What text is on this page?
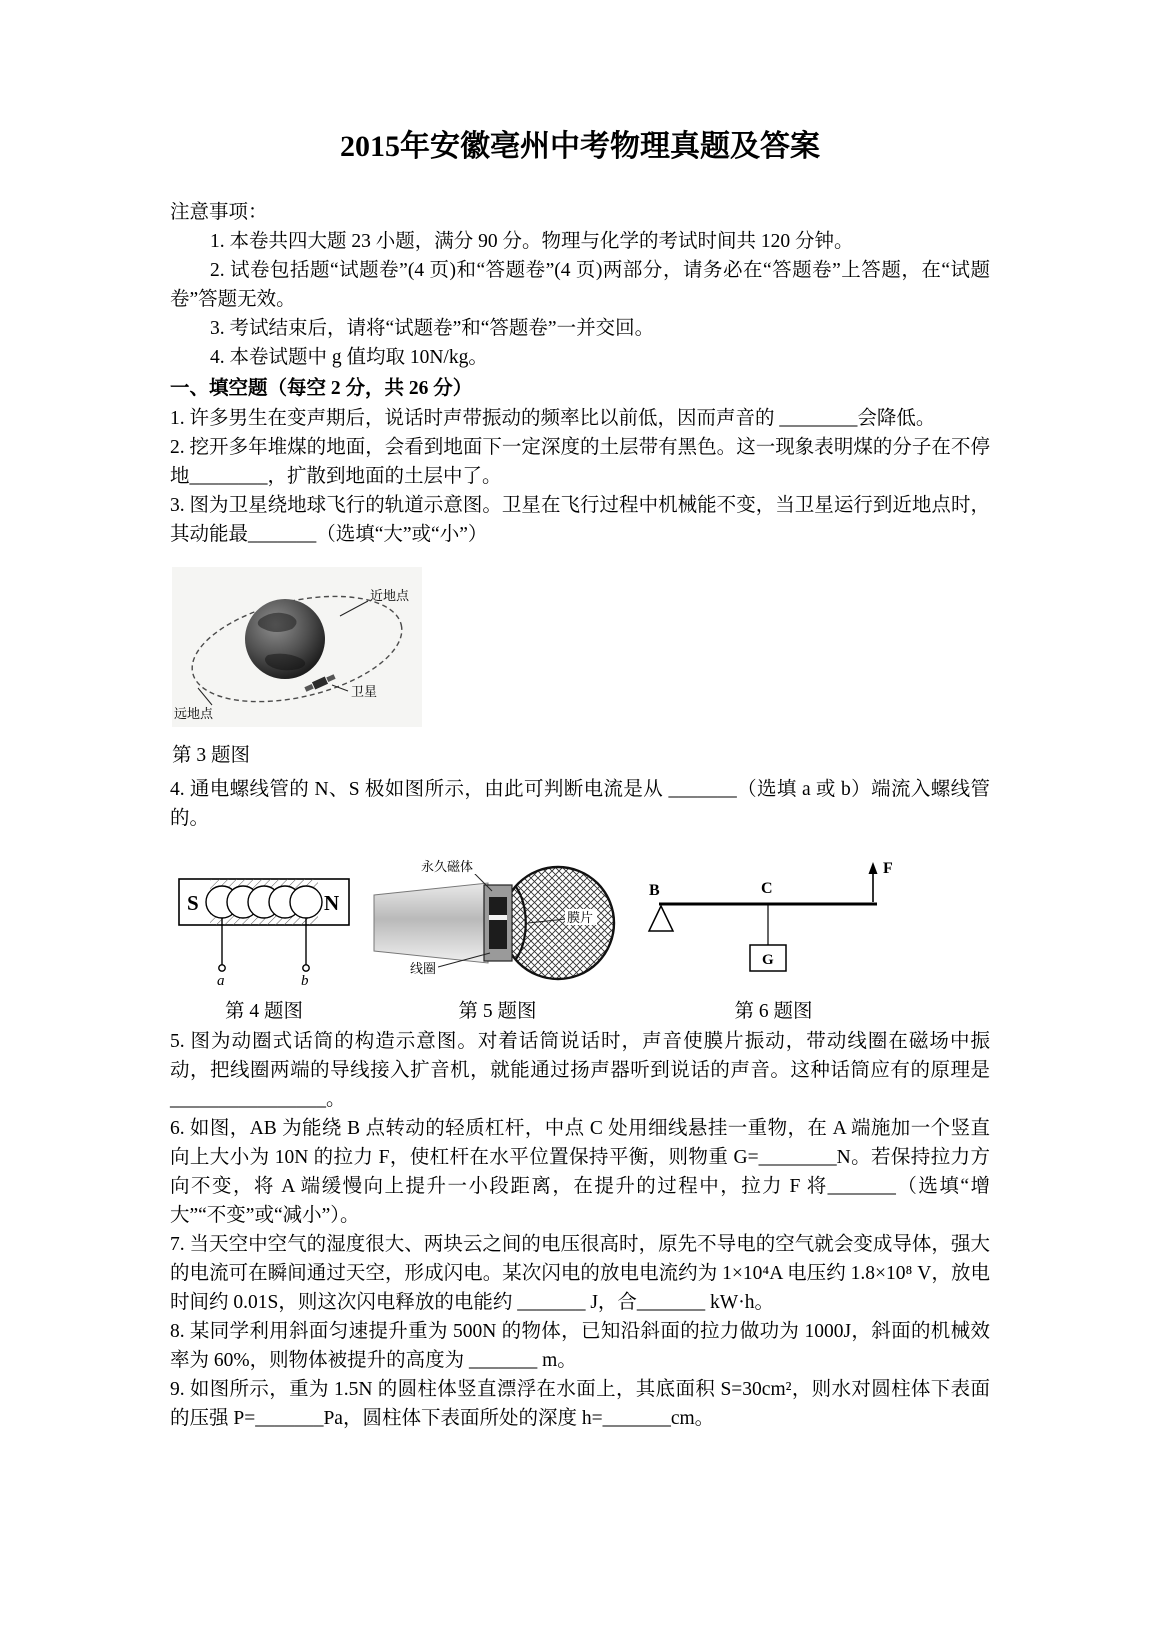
2015年安徽亳州中考物理真题及答案

注意事项：

1. 本卷共四大题 23 小题，满分 90 分。物理与化学的考试时间共 120 分钟。

2. 试卷包括题“试题卷”(4 页)和“答题卷”(4 页)两部分，请务必在“答题卷”上答题，在“试题卷”答题无效。

3. 考试结束后，请将“试题卷”和“答题卷”一并交回。

4. 本卷试题中 g 值均取 10N/kg。

一、填空题（每空 2 分，共 26 分）

1. 许多男生在变声期后，说话时声带振动的频率比以前低，因而声音的 ________会降低。

2. 挖开多年堆煤的地面，会看到地面下一定深度的土层带有黑色。这一现象表明煤的分子在不停地________，扩散到地面的土层中了。

3. 图为卫星绕地球飞行的轨道示意图。卫星在飞行过程中机械能不变，当卫星运行到近地点时，其动能最_______（选填“大”或“小”）

近地点
卫星
远地点
第 3 题图

4. 通电螺线管的 N、S 极如图所示，由此可判断电流是从 _______（选填 a 或 b）端流入螺线管的。

S	N
a	b
第 4 题图
永久磁体
膜片
线圈
第 5 题图
B	C
F
G
第 6 题图

5. 图为动圈式话筒的构造示意图。对着话筒说话时，声音使膜片振动，带动线圈在磁场中振 动，把线圈两端的导线接入扩音机，就能通过扬声器听到说话的声音。这种话筒应有的原理是________________。

6. 如图，AB 为能绕 B 点转动的轻质杠杆，中点 C 处用细线悬挂一重物，在 A 端施加一个竖直向上大小为 10N 的拉力 F，使杠杆在水平位置保持平衡，则物重 G=________N。若保持拉力方向不变，将 A 端缓慢向上提升一小段距离，在提升的过程中，拉力 F 将_______（选填“增大”“不变”或“减小”）。

7. 当天空中空气的湿度很大、两块云之间的电压很高时，原先不导电的空气就会变成导体，强大的电流可在瞬间通过天空，形成闪电。某次闪电的放电电流约为 1×10⁴A 电压约 1.8×10⁸ V，放电时间约 0.01S，则这次闪电释放的电能约 _______ J，合_______ kW·h。

8. 某同学利用斜面匀速提升重为 500N 的物体，已知沿斜面的拉力做功为 1000J，斜面的机械效率为 60%，则物体被提升的高度为 _______ m。

9. 如图所示，重为 1.5N 的圆柱体竖直漂浮在水面上，其底面积 S=30cm²，则水对圆柱体下表面的压强 P=_______Pa，圆柱体下表面所处的深度 h=_______cm。
